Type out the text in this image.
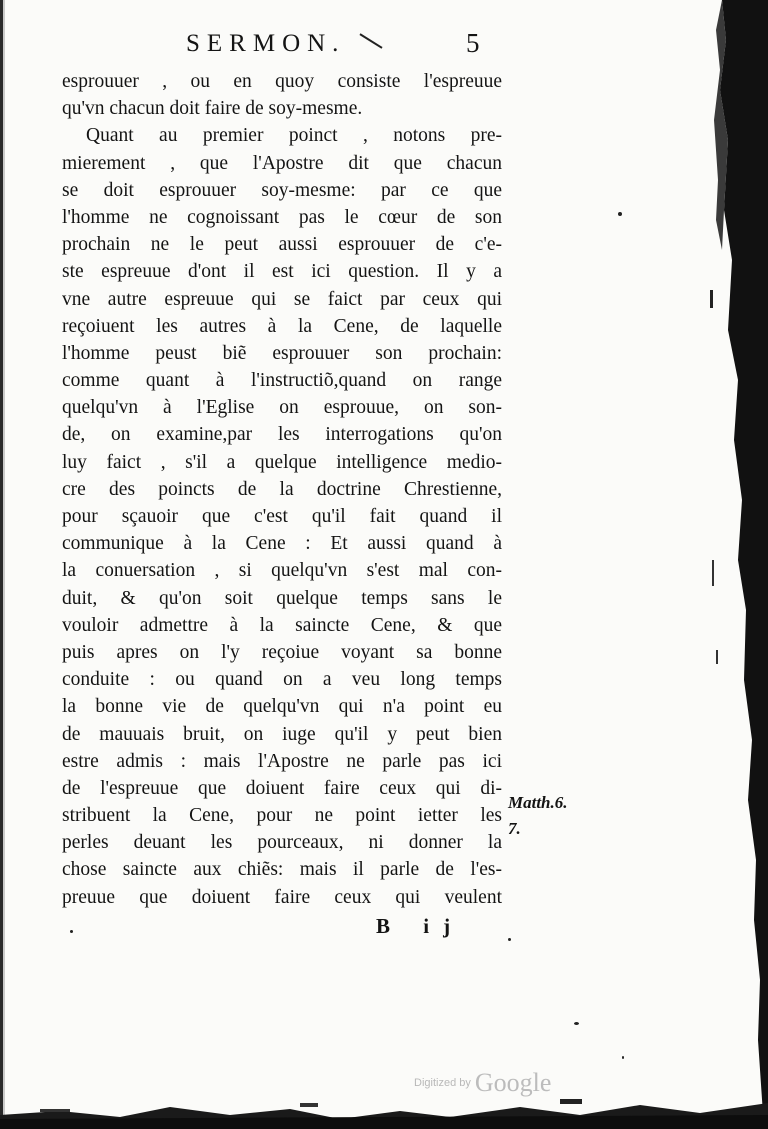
SERMON.	5
esprouuer , ou en quoy consiste l'espreuue
qu'vn chacun doit faire de soy-mesme.
Quant au premier poinct , notons pre-
mierement , que l'Apostre dit que chacun
se doit esprouuer soy-mesme: par ce que
l'homme ne cognoissant pas le cœur de son
prochain ne le peut aussi esprouuer de c'e-
ste espreuue d'ont il est ici question. Il y a
vne autre espreuue qui se faict par ceux qui
reçoiuent les autres à la Cene, de laquelle
l'homme peust biẽ esprouuer son prochain:
comme quant à l'instructiõ,quand on range
quelqu'vn à l'Eglise on esprouue, on son-
de, on examine,par les interrogations qu'on
luy faict , s'il a quelque intelligence medio-
cre des poincts de la doctrine Chrestienne,
pour sçauoir que c'est qu'il fait quand il
communique à la Cene : Et aussi quand à
la conuersation , si quelqu'vn s'est mal con-
duit, & qu'on soit quelque temps sans le
vouloir admettre à la saincte Cene, & que
puis apres on l'y reçoiue voyant sa bonne
conduite : ou quand on a veu long temps
la bonne vie de quelqu'vn qui n'a point eu
de mauuais bruit, on iuge qu'il y peut bien
estre admis : mais l'Apostre ne parle pas ici
de l'espreuue que doiuent faire ceux qui di-
stribuent la Cene, pour ne point ietter les
perles deuant les pourceaux, ni donner la
chose saincte aux chiẽs: mais il parle de l'es-
preuue que doiuent faire ceux qui veulent
Matth.6.
7.
B ij
Digitized by Google
